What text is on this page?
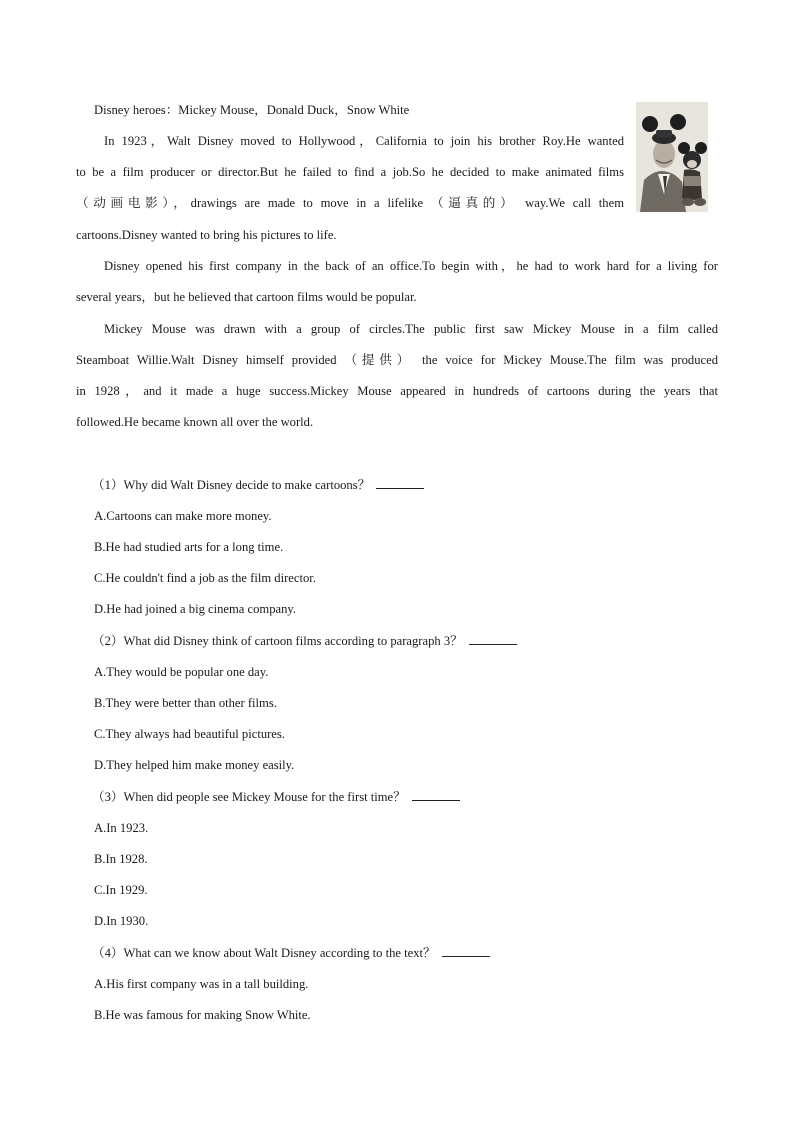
Disney heroes：Mickey Mouse，Donald Duck，Snow White
In 1923，Walt Disney moved to Hollywood，California to join his brother Roy.He wanted
to be a film producer or director.But he failed to find a job.So he decided to make animated films
（动画电影），drawings are made to move in a lifelike （逼真的） way.We call them
cartoons.Disney wanted to bring his pictures to life.
Disney opened his first company in the back of an office.To begin with，he had to work hard for a living for
several years，but he believed that cartoon films would be popular.
Mickey Mouse was drawn with a group of circles.The public first saw Mickey Mouse in a film called
Steamboat Willie.Walt Disney himself provided （提供） the voice for Mickey Mouse.The film was produced
in 1928，and it made a huge success.Mickey Mouse appeared in hundreds of cartoons during the years that
followed.He became known all over the world.
（1）Why did Walt Disney decide to make cartoons？
A.Cartoons can make more money.
B.He had studied arts for a long time.
C.He couldn't find a job as the film director.
D.He had joined a big cinema company.
（2）What did Disney think of cartoon films according to paragraph 3？
A.They would be popular one day.
B.They were better than other films.
C.They always had beautiful pictures.
D.They helped him make money easily.
（3）When did people see Mickey Mouse for the first time？
A.In 1923.
B.In 1928.
C.In 1929.
D.In 1930.
（4）What can we know about Walt Disney according to the text？
A.His first company was in a tall building.
B.He was famous for making Snow White.
